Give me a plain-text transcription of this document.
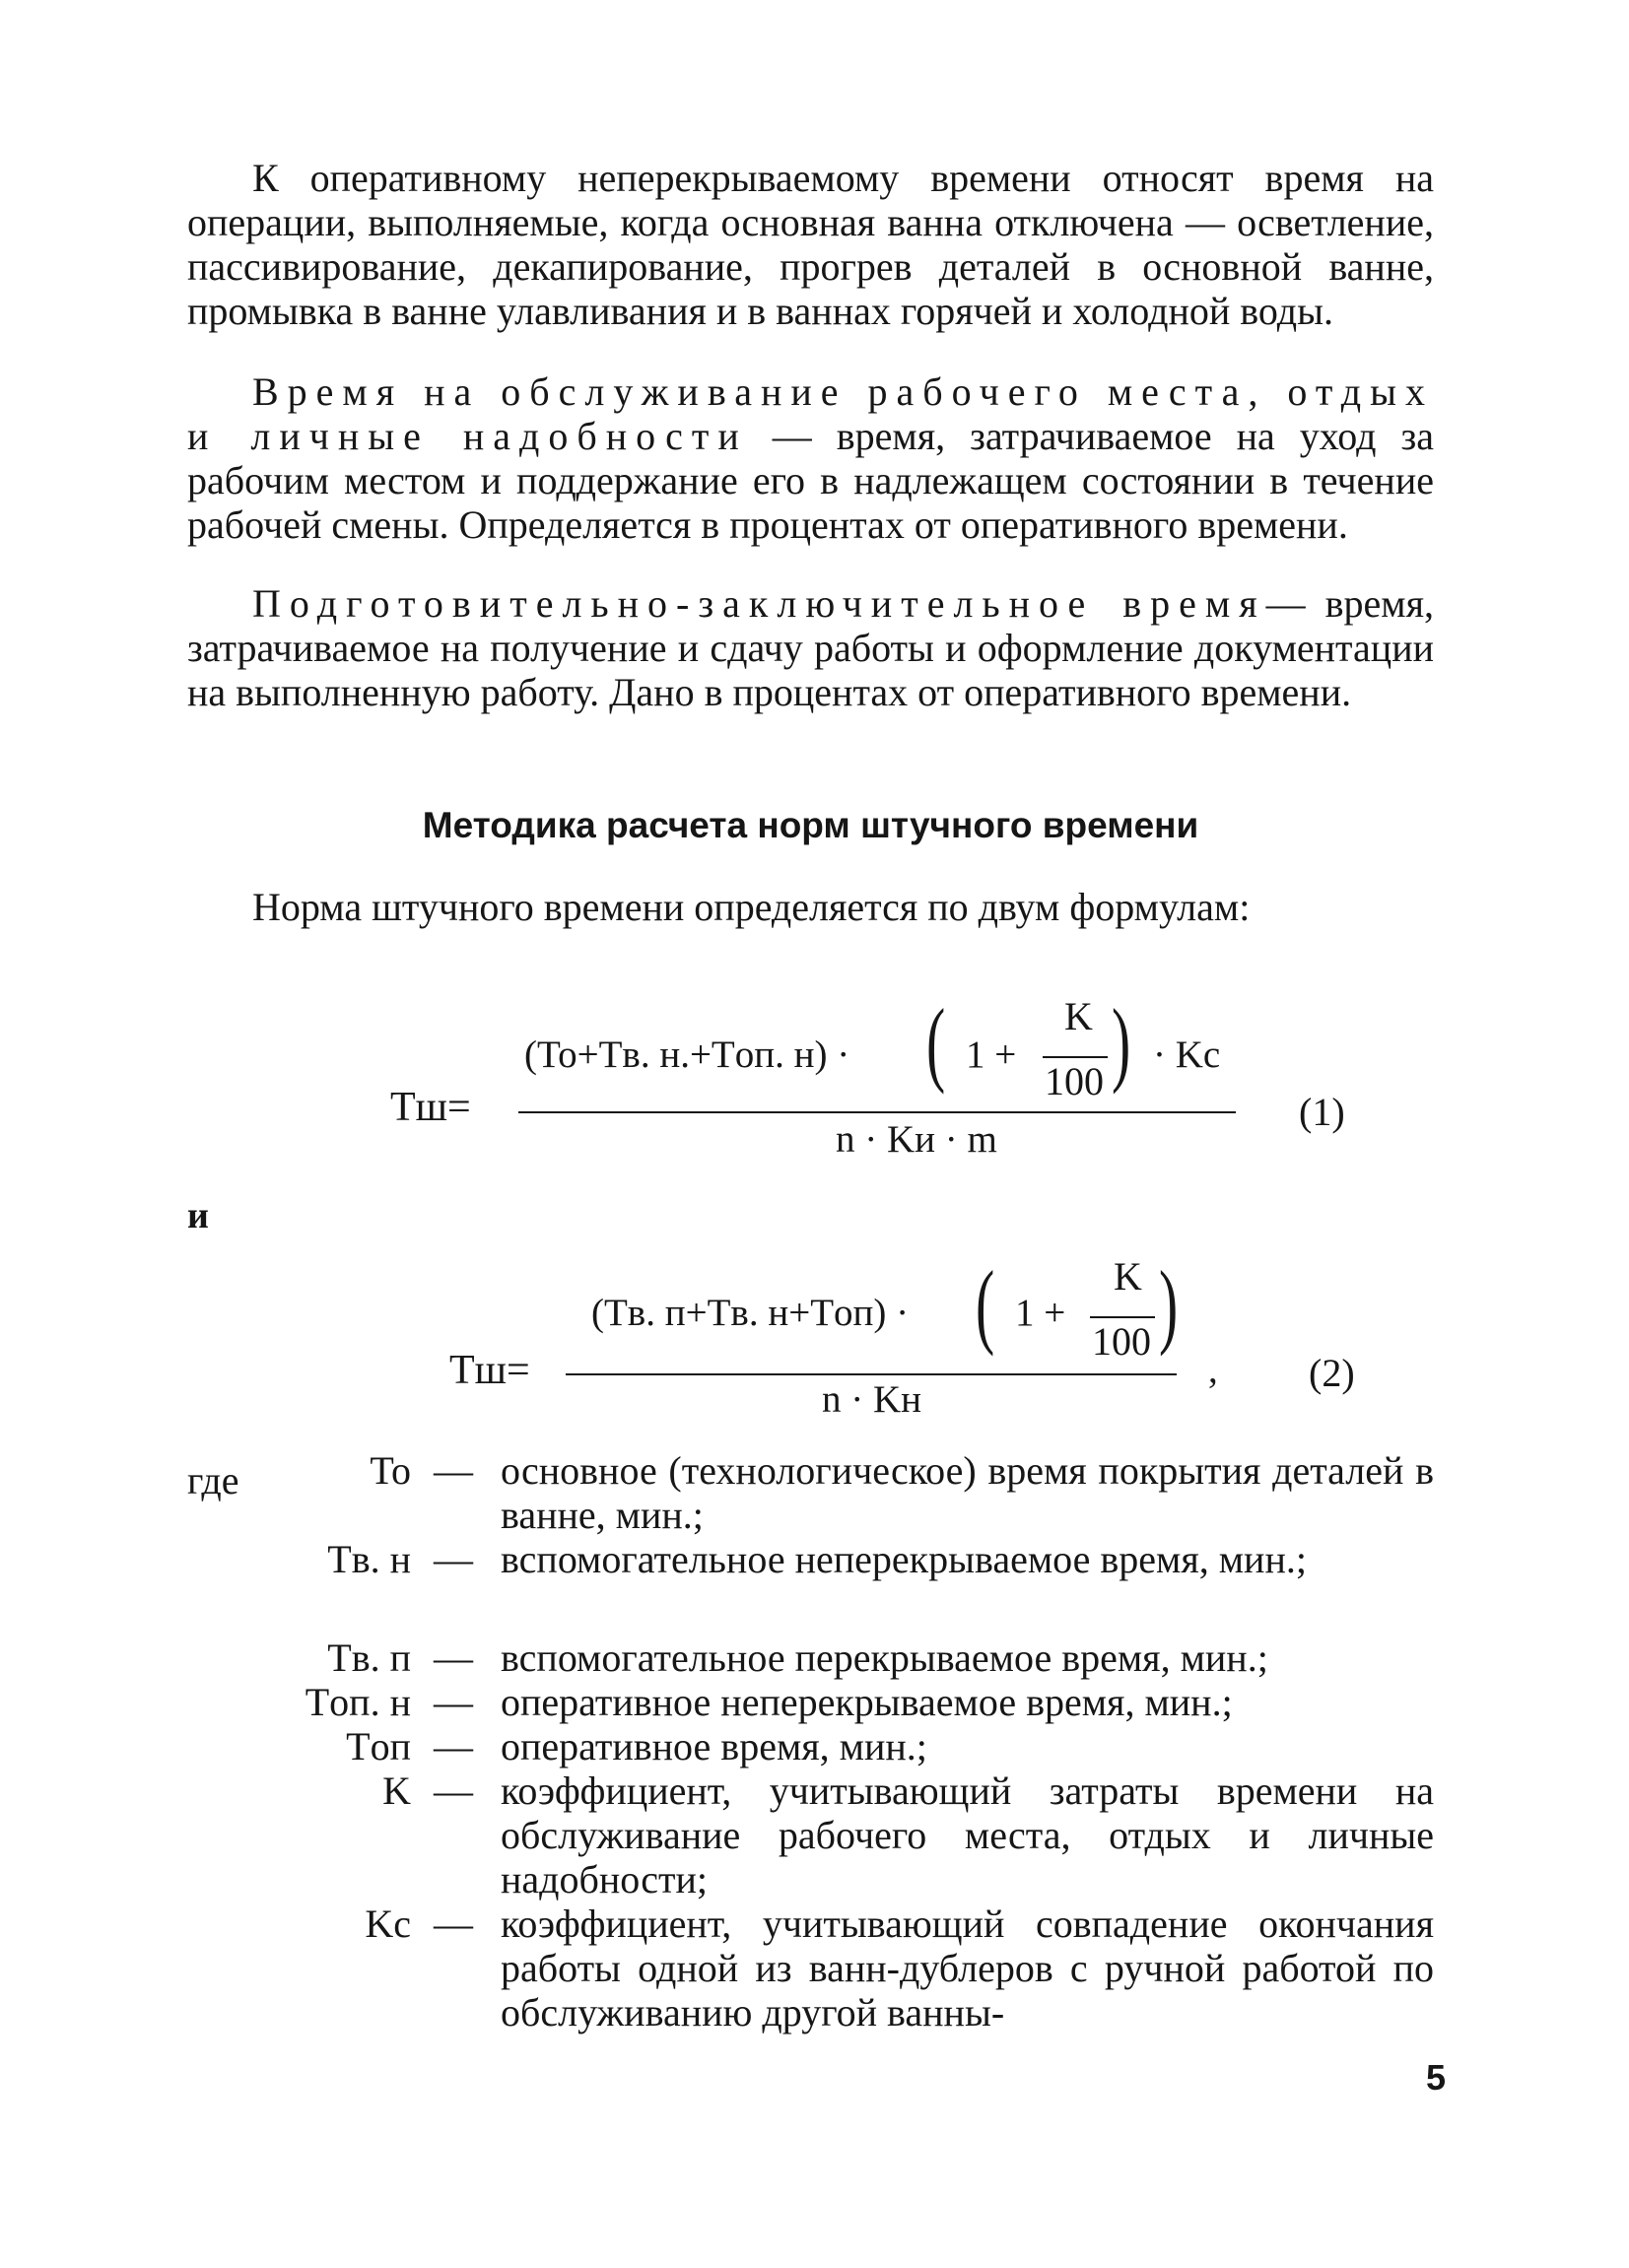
К оперативному неперекрываемому времени относят время на операции, выполняемые, когда основная ванна отключена — осветление, пассивирование, декапирование, прогрев деталей в основной ванне, промывка в ванне улавливания и в ваннах горячей и холодной воды.

Время на обслуживание рабочего места, отдых и личные надобности — время, затрачиваемое на уход за рабочим местом и поддержание его в надлежащем состоянии в течение рабочей смены. Определяется в процентах от оперативного времени.

Подготовительно-заключительное время— время, затрачиваемое на получение и сдачу работы и оформление документации на выполненную работу. Дано в процентах от оперативного времени.

Методика расчета норм штучного времени

Норма штучного времени определяется по двум формулам:

Tш=
(To+Tв. н.+Tоп. н) · ( 1 +
K
100 ) · Kc
n · Kи · m
(1)
и
Tш=
(Tв. п+Tв. н+Tоп) · ( 1 +
K
100 )
n · Kн
, (2)
где	To — основное (технологическое) время покрытия деталей в ванне, мин.;
Tв. н — вспомогательное неперекрываемое время, мин.;
Tв. п — вспомогательное перекрываемое время, мин.;
Tоп. н — оперативное неперекрываемое время, мин.;
Tоп — оперативное время, мин.;
K — коэффициент, учитывающий затраты времени на обслуживание рабочего места, отдых и личные надобности;
Kc — коэффициент, учитывающий совпадение окончания работы одной из ванн-дублеров с ручной работой по обслуживанию другой ванны-
5
